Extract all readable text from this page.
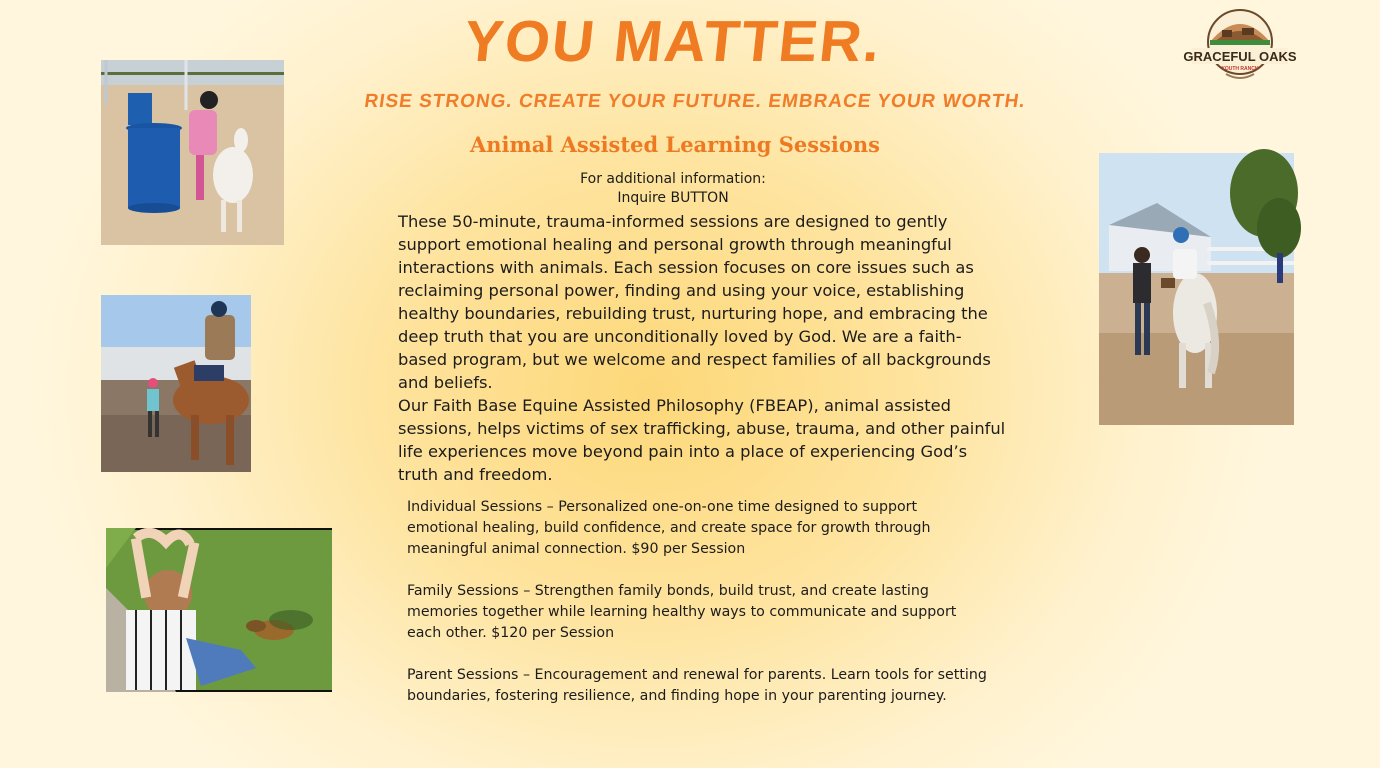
YOU MATTER.
RISE STRONG. CREATE YOUR FUTURE. EMBRACE YOUR WORTH.
Animal Assisted Learning Sessions
For additional information:
Inquire BUTTON
These 50-minute, trauma-informed sessions are designed to gently support emotional healing and personal growth through meaningful interactions with animals. Each session focuses on core issues such as reclaiming personal power, finding and using your voice, establishing healthy boundaries, rebuilding trust, nurturing hope, and embracing the deep truth that you are unconditionally loved by God. We are a faith-based program, but we welcome and respect families of all backgrounds and beliefs.
Our Faith Base Equine Assisted Philosophy (FBEAP), animal assisted sessions, helps victims of sex trafficking, abuse, trauma, and other painful life experiences move beyond pain into a place of experiencing God’s truth and freedom.
Individual Sessions – Personalized one-on-one time designed to support emotional healing, build confidence, and create space for growth through meaningful animal connection. $90 per Session
Family Sessions – Strengthen family bonds, build trust, and create lasting memories together while learning healthy ways to communicate and support each other. $120 per Session
Parent Sessions – Encouragement and renewal for parents. Learn tools for setting boundaries, fostering resilience, and finding hope in your parenting journey.
GRACEFUL OAKS
YOUTH RANCH
